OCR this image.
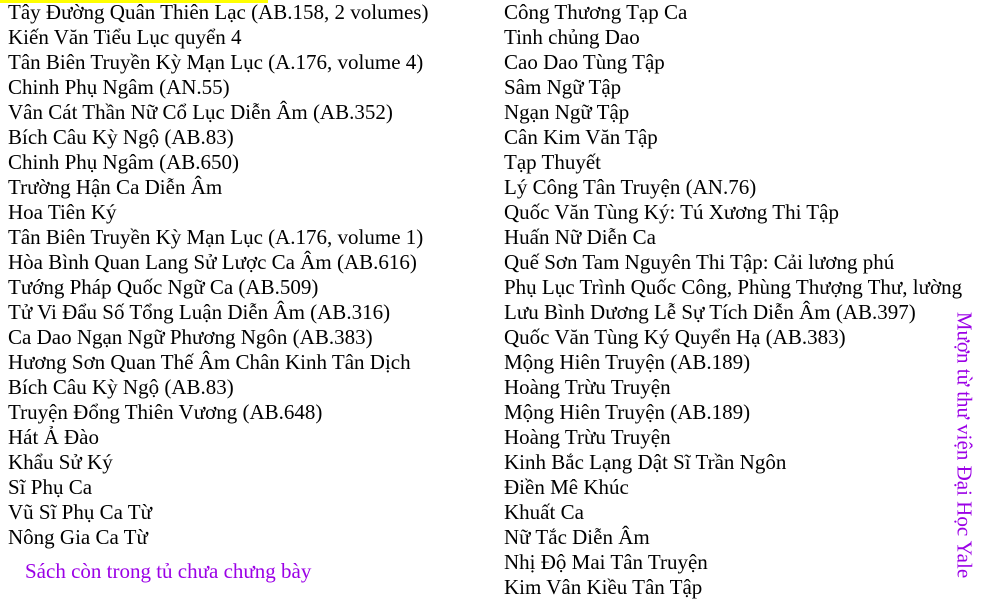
Tây Đường Quân Thiên Lạc (AB.158, 2 volumes)
Kiến Văn Tiểu Lục quyển 4
Tân Biên Truyền Kỳ Mạn Lục (A.176, volume 4)
Chinh Phụ Ngâm (AN.55)
Vân Cát Thần Nữ Cổ Lục Diễn Âm (AB.352)
Bích Câu Kỳ Ngộ (AB.83)
Chinh Phụ Ngâm (AB.650)
Trường Hận Ca Diễn Âm
Hoa Tiên Ký
Tân Biên Truyền Kỳ Mạn Lục (A.176, volume 1)
Hòa Bình Quan Lang Sử Lược Ca Âm (AB.616)
Tướng Pháp Quốc Ngữ Ca (AB.509)
Tử Vi Đẩu Số Tổng Luận Diễn Âm (AB.316)
Ca Dao Ngạn Ngữ Phương Ngôn (AB.383)
Hương Sơn Quan Thế Âm Chân Kinh Tân Dịch
Bích Câu Kỳ Ngộ (AB.83)
Truyện Đổng Thiên Vương (AB.648)
Hát Ả Đào
Khẩu Sử Ký
Sĩ Phụ Ca
Vũ Sĩ Phụ Ca Từ
Nông Gia Ca Từ
Công Thương Tạp Ca
Tinh chủng Dao
Cao Dao Tùng Tập
Sâm Ngữ Tập
Ngạn Ngữ Tập
Cân Kim Văn Tập
Tạp Thuyết
Lý Công Tân Truyện (AN.76)
Quốc Văn Tùng Ký: Tú Xương Thi Tập
Huấn Nữ Diễn Ca
Quế Sơn Tam Nguyên Thi Tập: Cải lương phú
Phụ Lục Trình Quốc Công, Phùng Thượng Thư, lường
Lưu Bình Dương Lễ Sự Tích Diễn Âm (AB.397)
Quốc Văn Tùng Ký Quyển Hạ (AB.383)
Mộng Hiên Truyện (AB.189)
Hoàng Trừu Truyện
Mộng Hiên Truyện (AB.189)
Hoàng Trừu Truyện
Kinh Bắc Lạng Dật Sĩ Trần Ngôn
Điền Mê Khúc
Khuất Ca
Nữ Tắc Diễn Âm
Nhị Độ Mai Tân Truyện
Kim Vân Kiều Tân Tập
Sách còn trong tủ chưa chưng bày	Mượn từ thư viện Đại Học Yale
